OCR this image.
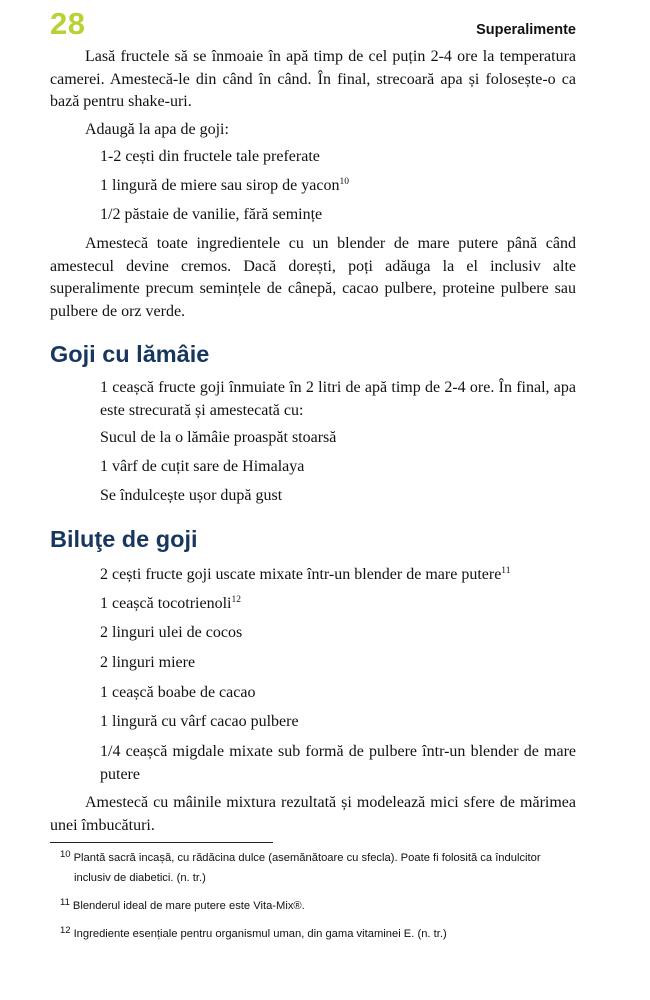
28	Superalimente

Lasă fructele să se înmoaie în apă timp de cel puțin 2-4 ore la temperatura camerei. Amestecă-le din când în când. În final, strecoară apa și folosește-o ca bază pentru shake-uri.

Adaugă la apa de goji:

1-2 cești din fructele tale preferate
1 lingură de miere sau sirop de yacon$^{10}$
1/2 păstaie de vanilie, fără semințe

Amestecă toate ingredientele cu un blender de mare putere până când amestecul devine cremos. Dacă dorești, poți adăuga la el inclusiv alte superalimente precum semințele de cânepă, cacao pulbere, proteine pulbere sau pulbere de orz verde.

Goji cu lămâie
1 ceașcă fructe goji înmuiate în 2 litri de apă timp de 2-4 ore. În final, apa este strecurată și amestecată cu:
Sucul de la o lămâie proaspăt stoarsă
1 vârf de cuțit sare de Himalaya
Se îndulcește ușor după gust
Biluţe de goji
2 cești fructe goji uscate mixate într-un blender de mare putere$^{11}$
1 ceașcă tocotrienoli$^{12}$
2 linguri ulei de cocos
2 linguri miere
1 ceașcă boabe de cacao
1 lingură cu vârf cacao pulbere
1/4 ceașcă migdale mixate sub formă de pulbere într-un blender de mare putere

Amestecă cu mâinile mixtura rezultată și modelează mici sfere de mărimea unei îmbucături.

$^{10}$ Plantă sacră incașă, cu rădăcina dulce (asemănătoare cu sfecla). Poate fi folosită ca îndulcitor
inclusiv de diabetici. (n. tr.)
$^{11}$ Blenderul ideal de mare putere este Vita-Mix®.
$^{12}$ Ingrediente esențiale pentru organismul uman, din gama vitaminei E. (n. tr.)
